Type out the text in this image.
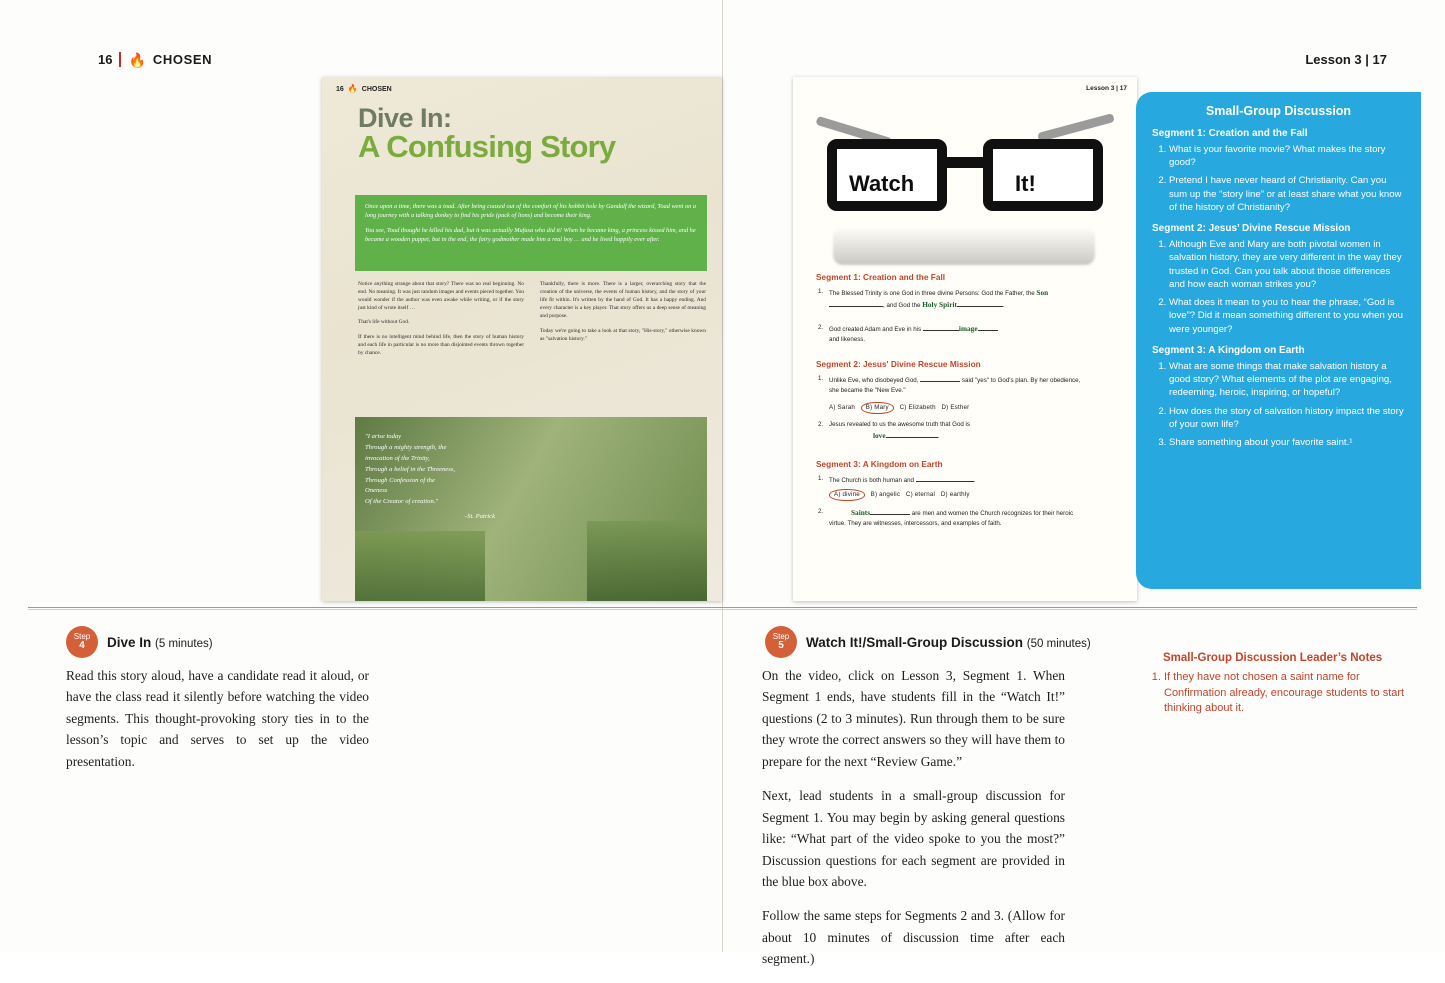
16 🔥 CHOSEN	Lesson 3 | 17
16 🔥 CHOSEN
Dive In:
A Confusing Story

Once upon a time, there was a toad. After being coaxed out of the comfort of his hobbit hole by Gandalf the wizard, Toad went on a long journey with a talking donkey to find his pride (pack of lions) and become their king.

You see, Toad thought he killed his dad, but it was actually Mufasa who did it! When he became king, a princess kissed him, and he became a wooden puppet, but in the end, the fairy godmother made him a real boy … and he lived happily ever after.

Notice anything strange about that story? There was no real beginning. No end. No meaning. It was just random images and events pieced together. You would wonder if the author was even awake while writing, or if the story just kind of wrote itself …

That's life without God.

If there is no intelligent mind behind life, then the story of human history and each life in particular is no more than disjointed events thrown together by chance.

Thankfully, there is more. There is a larger, overarching story that the creation of the universe, the events of human history, and the story of your life fit within. It's written by the hand of God. It has a happy ending. And every character is a key player. That story offers us a deep sense of meaning and purpose.

Today we're going to take a look at that story, "His-story," otherwise known as "salvation history."

"I arise today
Through a mighty strength, the
invocation of the Trinity,
Through a belief in the Threeness,
Through Confession of the
Oneness
Of the Creator of creation."
–St. Patrick
Lesson 3 | 17
Watch	It!
Segment 1: Creation and the Fall
1. The Blessed Trinity is one God in three divine Persons: God the Father, the Son, and God the Holy Spirit	.
2. God created Adam and Eve in his	image
and likeness.
Segment 2: Jesus' Divine Rescue Mission
1. Unlike Eve, who disobeyed God,	said "yes" to God's plan. By her obedience, she became the "New Eve."
A) Sarah B) Mary C) Elizabeth D) Esther
2. Jesus revealed to us the awesome truth that God is
love	.
Segment 3: A Kingdom on Earth
1. The Church is both human and	.
A) divine B) angelic C) eternal D) earthly
2.	Saints	are men and women the Church recognizes for their heroic virtue. They are witnesses, intercessors, and examples of faith.
Small-Group Discussion
Segment 1: Creation and the Fall
1. What is your favorite movie? What makes the story good?
2. Pretend I have never heard of Christianity. Can you sum up the “story line” or at least share what you know of the history of Christianity?
Segment 2: Jesus’ Divine Rescue Mission
1. Although Eve and Mary are both pivotal women in salvation history, they are very different in the way they trusted in God. Can you talk about those differences and how each woman strikes you?
2. What does it mean to you to hear the phrase, “God is love”? Did it mean something different to you when you were younger?
Segment 3: A Kingdom on Earth
1. What are some things that make salvation history a good story? What elements of the plot are engaging, redeeming, heroic, inspiring, or hopeful?
2. How does the story of salvation history impact the story of your own life?
3. Share something about your favorite saint.¹
Step
4 Dive In (5 minutes)

Read this story aloud, have a candidate read it aloud, or have the class read it silently before watching the video segments. This thought-provoking story ties in to the lesson’s topic and serves to set up the video presentation.

Step
5 Watch It!/Small-Group Discussion (50 minutes)

On the video, click on Lesson 3, Segment 1. When Segment 1 ends, have students fill in the “Watch It!” questions (2 to 3 minutes). Run through them to be sure they wrote the correct answers so they will have them to prepare for the next “Review Game.”

Next, lead students in a small-group discussion for Segment 1. You may begin by asking general questions like: “What part of the video spoke to you the most?” Discussion questions for each segment are provided in the blue box above.

Follow the same steps for Segments 2 and 3. (Allow for about 10 minutes of discussion time after each segment.)

Small-Group Discussion Leader’s Notes
1. If they have not chosen a saint name for Confirmation already, encourage students to start thinking about it.
